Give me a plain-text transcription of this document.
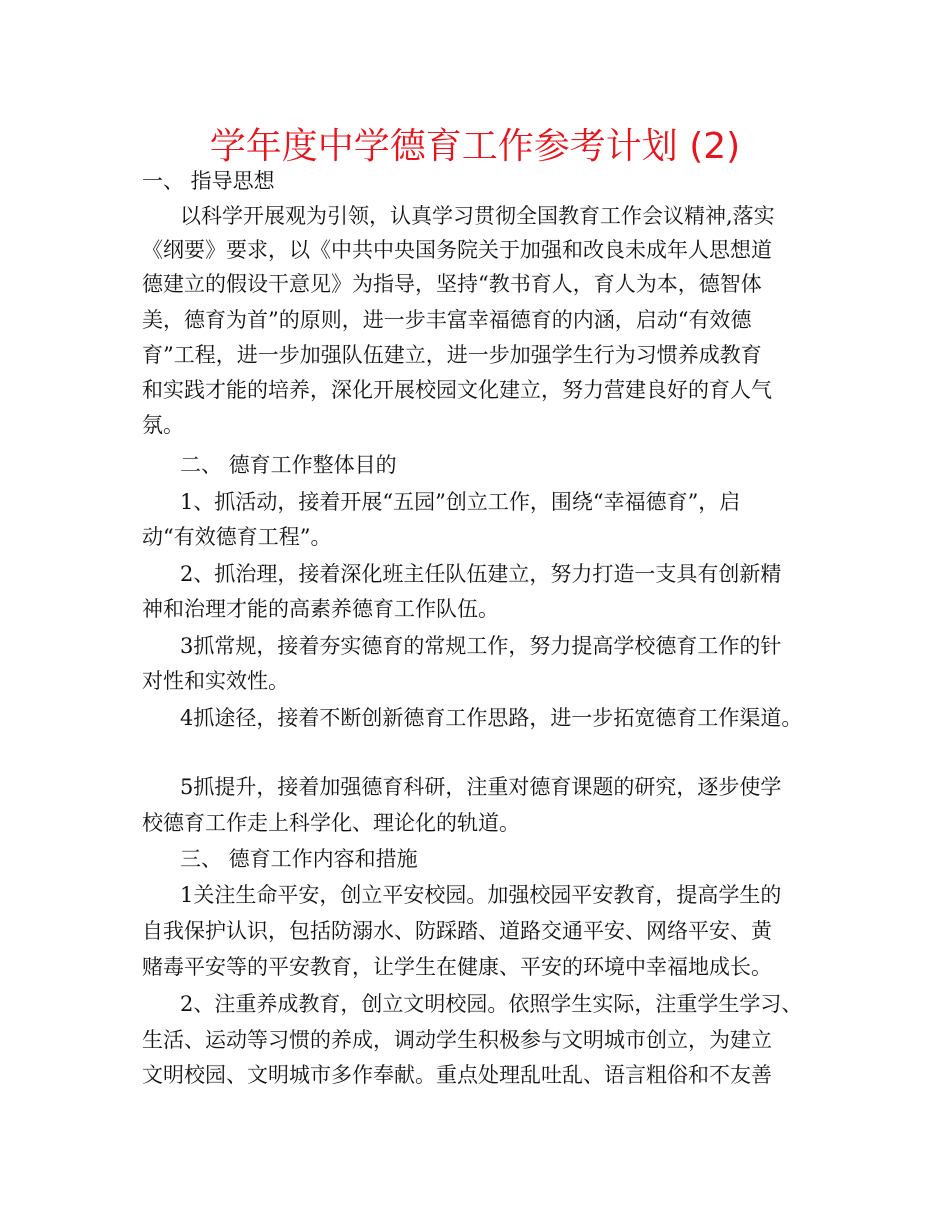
学年度中学德育工作参考计划 (2)

一、 指导思想

以科学开展观为引领，认真学习贯彻全国教育工作会议精神,落实

《纲要》要求，以《中共中央国务院关于加强和改良未成年人思想道

德建立的假设干意见》为指导，坚持“教书育人，育人为本，德智体

美，德育为首”的原则，进一步丰富幸福德育的内涵，启动“有效德

育”工程，进一步加强队伍建立，进一步加强学生行为习惯养成教育

和实践才能的培养，深化开展校园文化建立，努力营建良好的育人气

氛。

二、 德育工作整体目的

1、抓活动，接着开展“五园”创立工作，围绕“幸福德育”，启

动“有效德育工程”。

2、抓治理，接着深化班主任队伍建立，努力打造一支具有创新精

神和治理才能的高素养德育工作队伍。

3抓常规，接着夯实德育的常规工作，努力提高学校德育工作的针

对性和实效性。

4抓途径，接着不断创新德育工作思路，进一步拓宽德育工作渠道。

5抓提升，接着加强德育科研，注重对德育课题的研究，逐步使学

校德育工作走上科学化、理论化的轨道。

三、 德育工作内容和措施

1关注生命平安，创立平安校园。加强校园平安教育，提高学生的

自我保护认识，包括防溺水、防踩踏、道路交通平安、网络平安、黄

赌毒平安等的平安教育，让学生在健康、平安的环境中幸福地成长。

2、注重养成教育，创立文明校园。依照学生实际，注重学生学习、

生活、运动等习惯的养成，调动学生积极参与文明城市创立，为建立

文明校园、文明城市多作奉献。重点处理乱吐乱、语言粗俗和不友善
